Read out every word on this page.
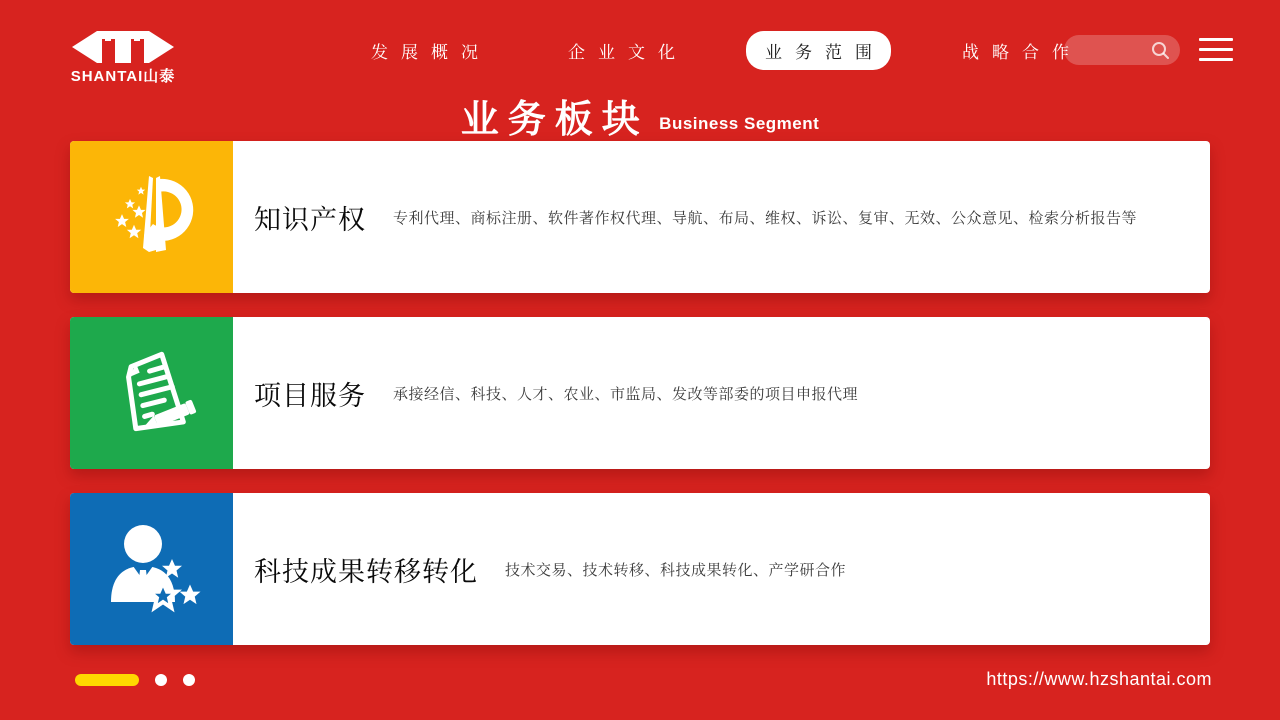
SHANTAI山泰
发展概况	企业文化	业务范围	战略合作
业务板块 Business Segment
知识产权 专利代理、商标注册、软件著作权代理、导航、布局、维权、诉讼、复审、无效、公众意见、检索分析报告等
项目服务 承接经信、科技、人才、农业、市监局、发改等部委的项目申报代理
科技成果转移转化 技术交易、技术转移、科技成果转化、产学研合作
https://www.hzshantai.com
